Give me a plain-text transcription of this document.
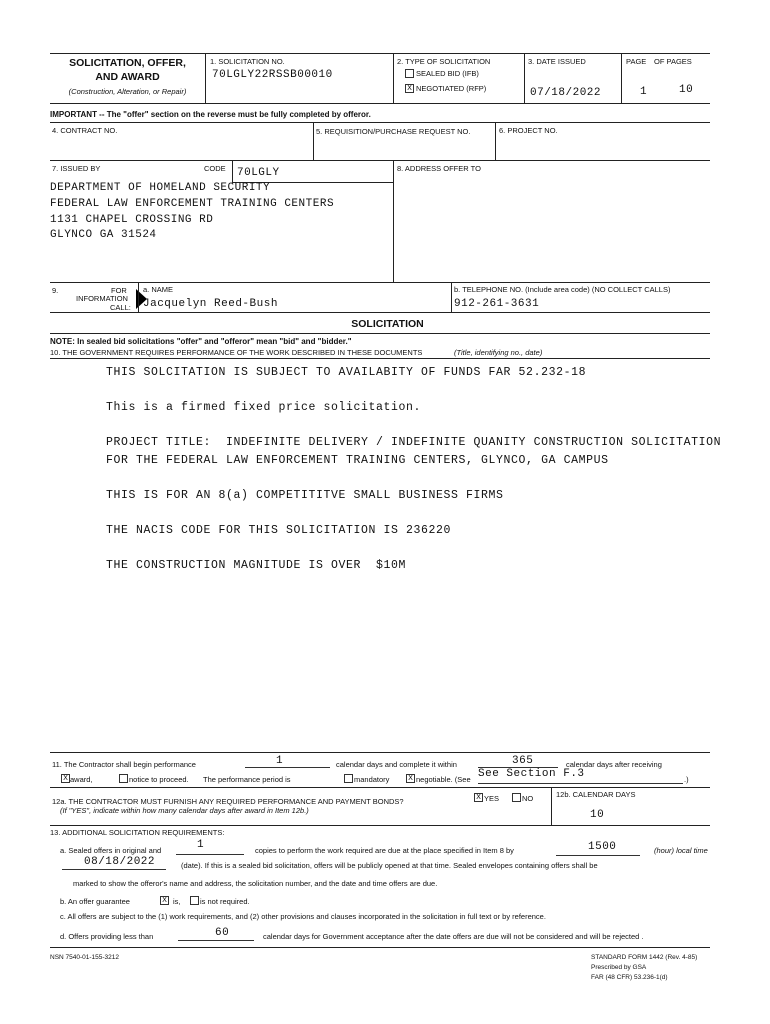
SOLICITATION, OFFER,
AND AWARD
(Construction, Alteration, or Repair)
1. SOLICITATION NO.
70LGLY22RSSB00010
2. TYPE OF SOLICITATION
SEALED BID (IFB)
X NEGOTIATED (RFP)
3. DATE ISSUED
07/18/2022
PAGE OF PAGES
1	10
IMPORTANT -- The "offer" section on the reverse must be fully completed by offeror.
4. CONTRACT NO.	5. REQUISITION/PURCHASE REQUEST NO.	6. PROJECT NO.
7. ISSUED BY	CODE 70LGLY	8. ADDRESS OFFER TO
DEPARTMENT OF HOMELAND SECURITY
FEDERAL LAW ENFORCEMENT TRAINING CENTERS
1131 CHAPEL CROSSING RD
GLYNCO GA 31524
9.	FOR
INFORMATION
CALL:
a. NAME
Jacquelyn Reed-Bush
b. TELEPHONE NO. (Include area code) (NO COLLECT CALLS)
912-261-3631
SOLICITATION
NOTE: In sealed bid solicitations "offer" and "offeror" mean "bid" and "bidder."
10. THE GOVERNMENT REQUIRES PERFORMANCE OF THE WORK DESCRIBED IN THESE DOCUMENTS	(Title, identifying no., date)
THIS SOLCITATION IS SUBJECT TO AVAILABITY OF FUNDS FAR 52.232-18
This is a firmed fixed price solicitation.
PROJECT TITLE:  INDEFINITE DELIVERY / INDEFINITE QUANITY CONSTRUCTION SOLICITATION
FOR THE FEDERAL LAW ENFORCEMENT TRAINING CENTERS, GLYNCO, GA CAMPUS
THIS IS FOR AN 8(a) COMPETITITVE SMALL BUSINESS FIRMS
THE NACIS CODE FOR THIS SOLICITATION IS 236220
THE CONSTRUCTION MAGNITUDE IS OVER  $10M
11. The Contractor shall begin performance	1	calendar days and complete it within	365	calendar days after receiving
X award,	notice to proceed. The performance period is	mandatory	X negotiable. (See See Section F.3	.)
12a. THE CONTRACTOR MUST FURNISH ANY REQUIRED PERFORMANCE AND PAYMENT BONDS?
(If "YES", indicate within how many calendar days after award in Item 12b.)
X YES	NO	12b. CALENDAR DAYS
10
13. ADDITIONAL SOLICITATION REQUIREMENTS:
a. Sealed offers in original and	1	copies to perform the work required are due at the place specified in Item 8 by	1500	(hour) local time
08/18/2022	(date). If this is a sealed bid solicitation, offers will be publicly opened at that time. Sealed envelopes containing offers shall be
marked to show the offeror's name and address, the solicitation number, and the date and time offers are due.
b. An offer guarantee	X is,	is not required.
c. All offers are subject to the (1) work requirements, and (2) other provisions and clauses incorporated in the solicitation in full text or by reference.
d. Offers providing less than	60	calendar days for Government acceptance after the date offers are due will not be considered and will be rejected .
NSN 7540-01-155-3212	STANDARD FORM 1442 (Rev. 4-85)
Prescribed by GSA
FAR (48 CFR) 53.236-1(d)
